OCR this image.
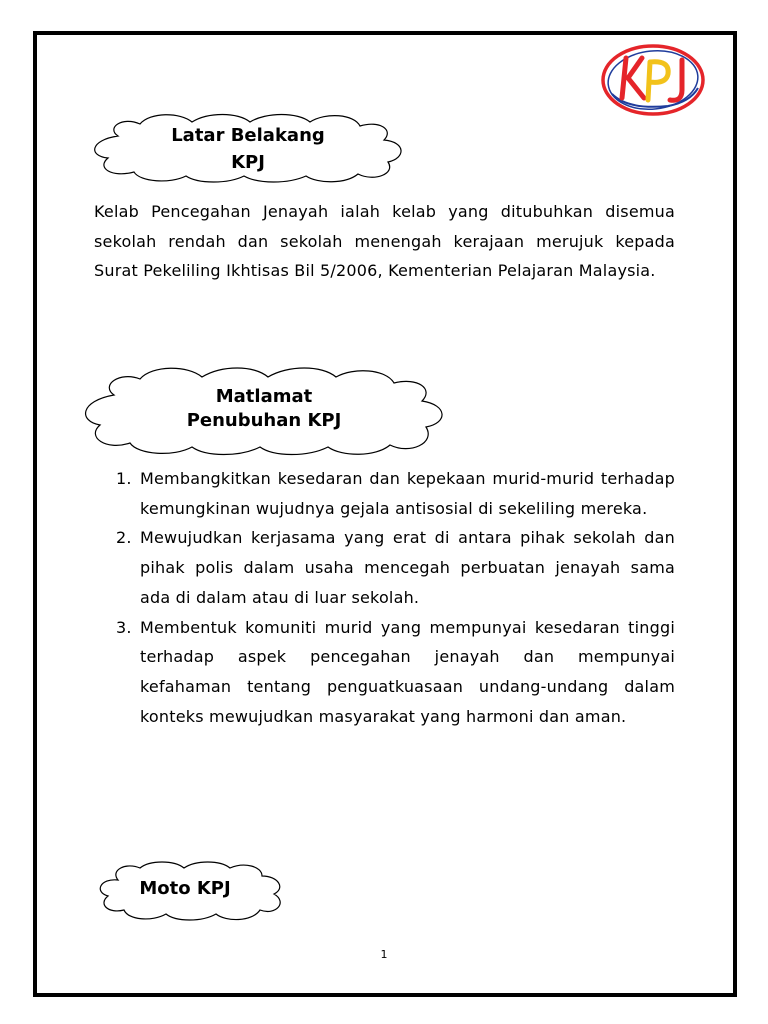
KPJ
Latar Belakang
KPJ

Kelab Pencegahan Jenayah ialah kelab yang ditubuhkan disemua sekolah rendah dan sekolah menengah kerajaan merujuk kepada Surat Pekeliling Ikhtisas Bil 5/2006, Kementerian Pelajaran Malaysia.

Matlamat
Penubuhan KPJ
1. Membangkitkan kesedaran dan kepekaan murid-murid terhadap kemungkinan wujudnya gejala antisosial di sekeliling mereka.
2. Mewujudkan kerjasama yang erat di antara pihak sekolah dan pihak polis dalam usaha mencegah perbuatan jenayah sama ada di dalam atau di luar sekolah.
3. Membentuk komuniti murid yang mempunyai kesedaran tinggi terhadap aspek pencegahan jenayah dan mempunyai kefahaman tentang penguatkuasaan undang-undang dalam konteks mewujudkan masyarakat yang harmoni dan aman.
Moto KPJ
1
